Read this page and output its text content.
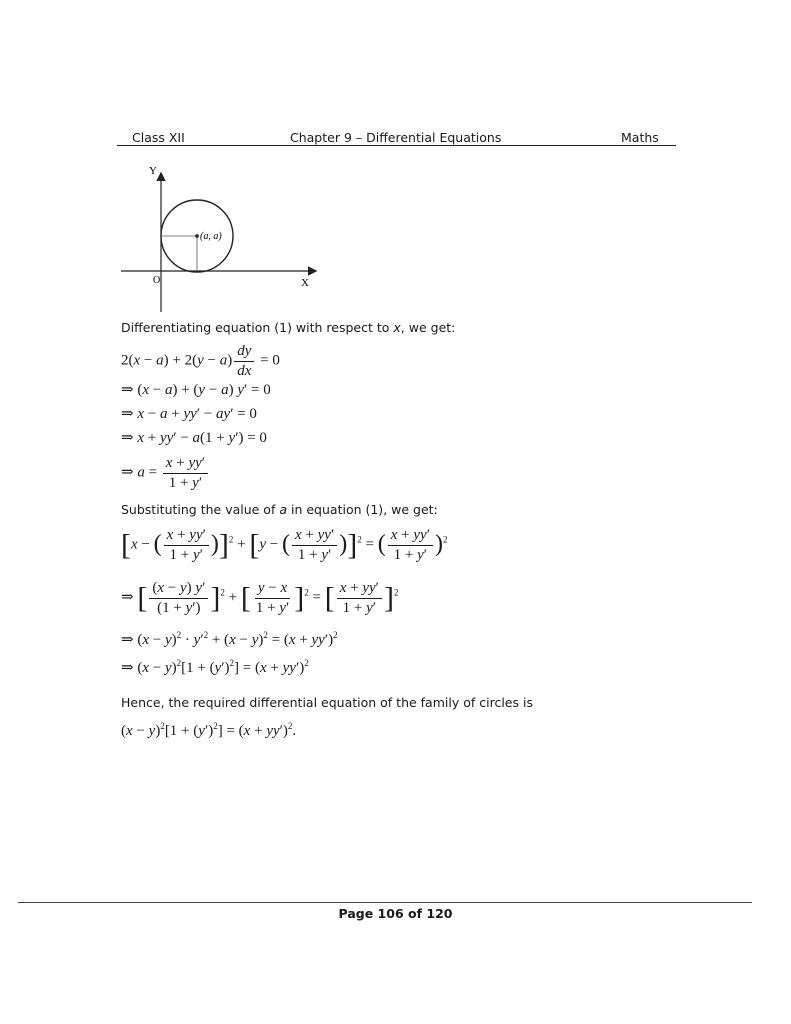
Class XII	Chapter 9 – Differential Equations	Maths
(a, a)
Y
X
O
Differentiating equation (1) with respect to x, we get:
$2(x - a) + 2(y - a) \frac{dy}{dx} = 0$
⇒ (x − a) + (y − a) y′ = 0
⇒ x − a + yy′ − ay′ = 0
⇒ x + yy′ − a(1 + y′) = 0
⇒ $a = \frac{x + yy'}{1 + y'}$
Substituting the value of a in equation (1), we get:
[x − ( $\frac{x + yy'}{1 + y'} )]^2 + [y$ − ( $\frac{x + yy'}{1 + y'} )]^2$ = ( $\frac{x + yy'}{1 + y'} )^2$
⇒ [ $\frac{(x - y) y'}{(1 + y')} ]^2$ + [ $\frac{y - x}{1 + y'} ]^2$ = [ $\frac{x + yy'}{1 + y'} ]^2$
⇒ $(x - y)^2 \cdot y'^2 + (x - y)^2 = (x + yy')^2$
⇒ $(x - y)^2[1 + (y')^2] = (x + yy')^2$
Hence, the required differential equation of the family of circles is
$(x - y)^2[1 + (y')^2] = (x + yy')^2$.
Page 106 of 120
